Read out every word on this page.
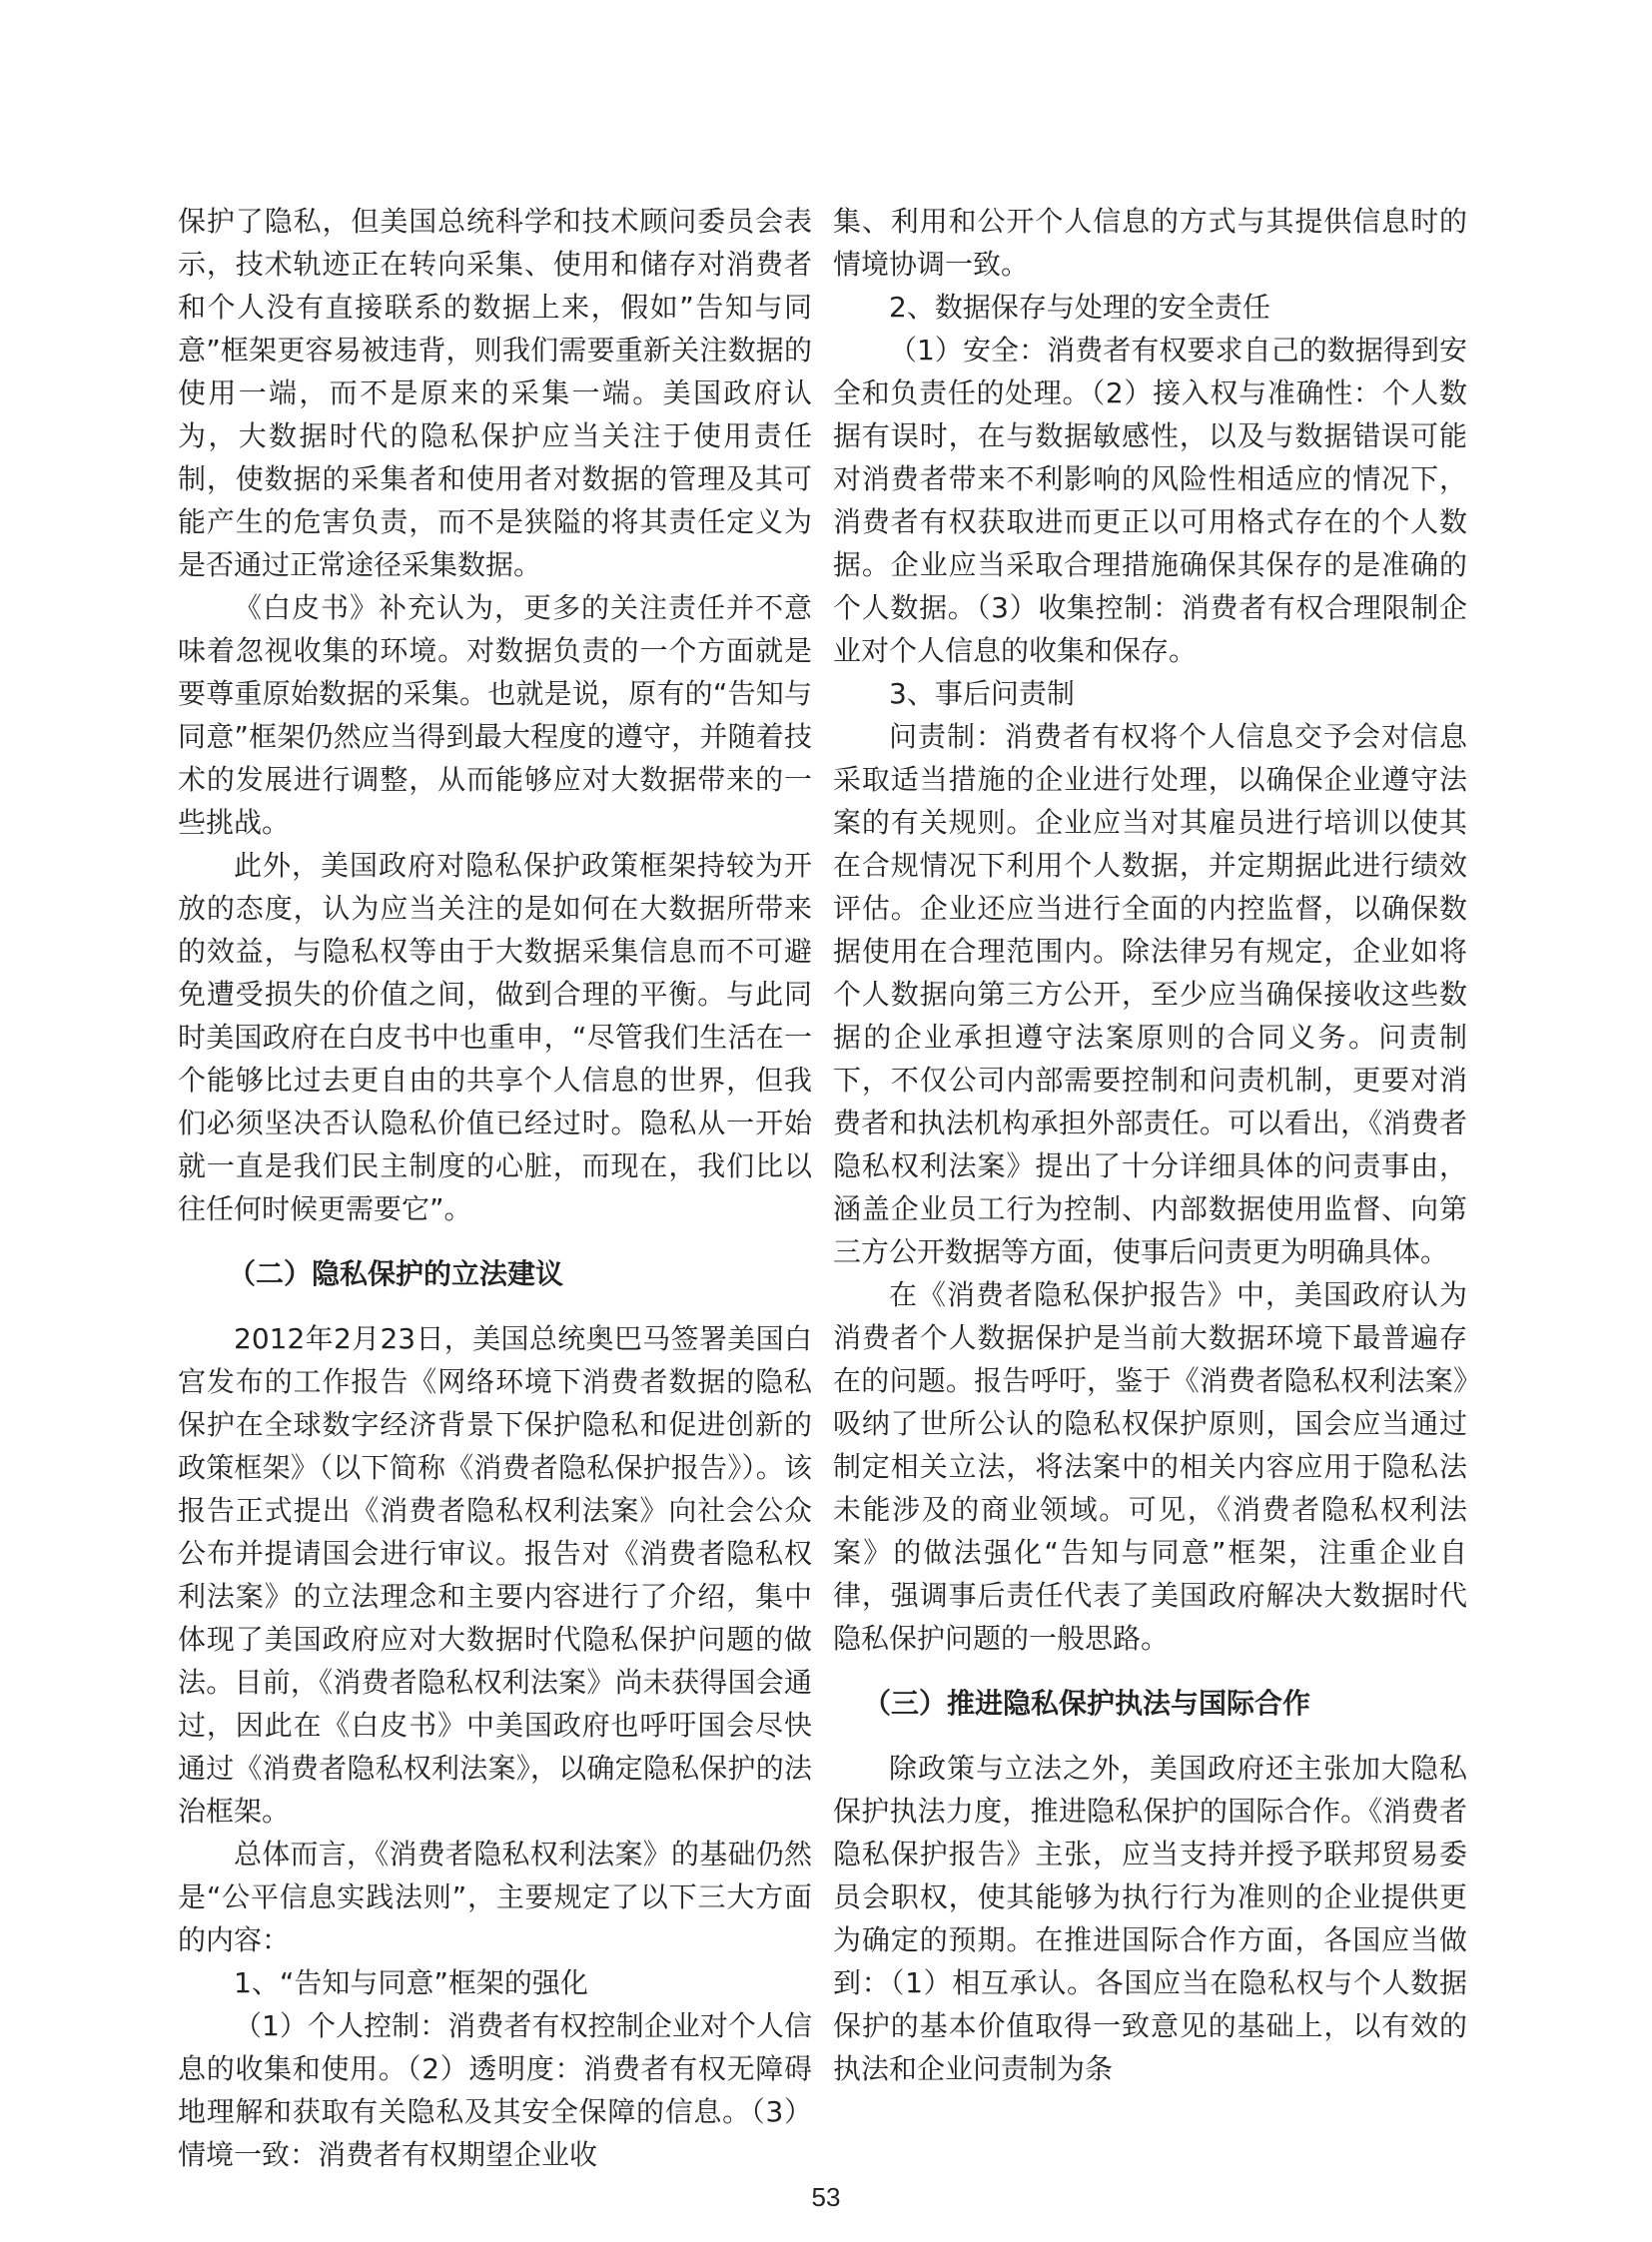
保护了隐私，但美国总统科学和技术顾问委员会表示，技术轨迹正在转向采集、使用和储存对消费者和个人没有直接联系的数据上来，假如”告知与同意”框架更容易被违背，则我们需要重新关注数据的使用一端，而不是原来的采集一端。美国政府认为，大数据时代的隐私保护应当关注于使用责任制，使数据的采集者和使用者对数据的管理及其可能产生的危害负责，而不是狭隘的将其责任定义为是否通过正常途径采集数据。

《白皮书》补充认为，更多的关注责任并不意味着忽视收集的环境。对数据负责的一个方面就是要尊重原始数据的采集。也就是说，原有的“告知与同意”框架仍然应当得到最大程度的遵守，并随着技术的发展进行调整，从而能够应对大数据带来的一些挑战。

此外，美国政府对隐私保护政策框架持较为开放的态度，认为应当关注的是如何在大数据所带来的效益，与隐私权等由于大数据采集信息而不可避免遭受损失的价值之间，做到合理的平衡。与此同时美国政府在白皮书中也重申，“尽管我们生活在一个能够比过去更自由的共享个人信息的世界，但我们必须坚决否认隐私价值已经过时。隐私从一开始就一直是我们民主制度的心脏，而现在，我们比以往任何时候更需要它”。

（二）隐私保护的立法建议

2012年2月23日，美国总统奥巴马签署美国白宫发布的工作报告《网络环境下消费者数据的隐私保护在全球数字经济背景下保护隐私和促进创新的政策框架》（以下简称《消费者隐私保护报告》）。该报告正式提出《消费者隐私权利法案》向社会公众公布并提请国会进行审议。报告对《消费者隐私权利法案》的立法理念和主要内容进行了介绍，集中体现了美国政府应对大数据时代隐私保护问题的做法。目前，《消费者隐私权利法案》尚未获得国会通过，因此在《白皮书》中美国政府也呼吁国会尽快通过《消费者隐私权利法案》，以确定隐私保护的法治框架。

总体而言，《消费者隐私权利法案》的基础仍然是“公平信息实践法则”，主要规定了以下三大方面的内容：

1、“告知与同意”框架的强化

（1）个人控制：消费者有权控制企业对个人信息的收集和使用。（2）透明度：消费者有权无障碍地理解和获取有关隐私及其安全保障的信息。（3）情境一致：消费者有权期望企业收

集、利用和公开个人信息的方式与其提供信息时的情境协调一致。

2、数据保存与处理的安全责任

（1）安全：消费者有权要求自己的数据得到安全和负责任的处理。（2）接入权与准确性：个人数据有误时，在与数据敏感性，以及与数据错误可能对消费者带来不利影响的风险性相适应的情况下，消费者有权获取进而更正以可用格式存在的个人数据。企业应当采取合理措施确保其保存的是准确的个人数据。（3）收集控制：消费者有权合理限制企业对个人信息的收集和保存。

3、事后问责制

问责制：消费者有权将个人信息交予会对信息采取适当措施的企业进行处理，以确保企业遵守法案的有关规则。企业应当对其雇员进行培训以使其在合规情况下利用个人数据，并定期据此进行绩效评估。企业还应当进行全面的内控监督，以确保数据使用在合理范围内。除法律另有规定，企业如将个人数据向第三方公开，至少应当确保接收这些数据的企业承担遵守法案原则的合同义务。问责制下，不仅公司内部需要控制和问责机制，更要对消费者和执法机构承担外部责任。可以看出，《消费者隐私权利法案》提出了十分详细具体的问责事由，涵盖企业员工行为控制、内部数据使用监督、向第三方公开数据等方面，使事后问责更为明确具体。

在《消费者隐私保护报告》中，美国政府认为消费者个人数据保护是当前大数据环境下最普遍存在的问题。报告呼吁，鉴于《消费者隐私权利法案》吸纳了世所公认的隐私权保护原则，国会应当通过制定相关立法，将法案中的相关内容应用于隐私法未能涉及的商业领域。可见，《消费者隐私权利法案》的做法强化“告知与同意”框架，注重企业自律，强调事后责任代表了美国政府解决大数据时代隐私保护问题的一般思路。

（三）推进隐私保护执法与国际合作

除政策与立法之外，美国政府还主张加大隐私保护执法力度，推进隐私保护的国际合作。《消费者隐私保护报告》主张，应当支持并授予联邦贸易委员会职权，使其能够为执行行为准则的企业提供更为确定的预期。在推进国际合作方面，各国应当做到：（1）相互承认。各国应当在隐私权与个人数据保护的基本价值取得一致意见的基础上，以有效的执法和企业问责制为条

53
